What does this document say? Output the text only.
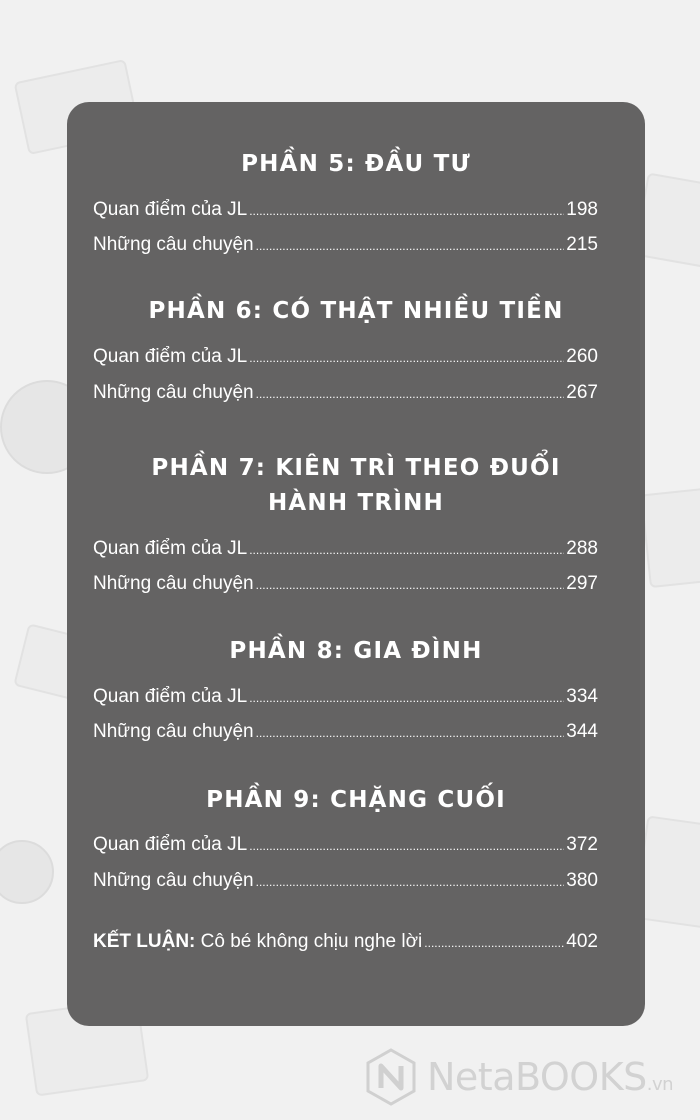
PHẦN 5: ĐẦU TƯ
Quan điểm của JL .....	198
Những câu chuyện .....	215
PHẦN 6: CÓ THẬT NHIỀU TIỀN
Quan điểm của JL .....	260
Những câu chuyện .....	267
PHẦN 7: KIÊN TRÌ THEO ĐUỔI
HÀNH TRÌNH
Quan điểm của JL .....	288
Những câu chuyện .....	297
PHẦN 8: GIA ĐÌNH
Quan điểm của JL .....	334
Những câu chuyện .....	344
PHẦN 9: CHẶNG CUỐI
Quan điểm của JL .....	372
Những câu chuyện .....	380
KẾT LUẬN: Cô bé không chịu nghe lời .....	402
NetaBOOKS.vn
